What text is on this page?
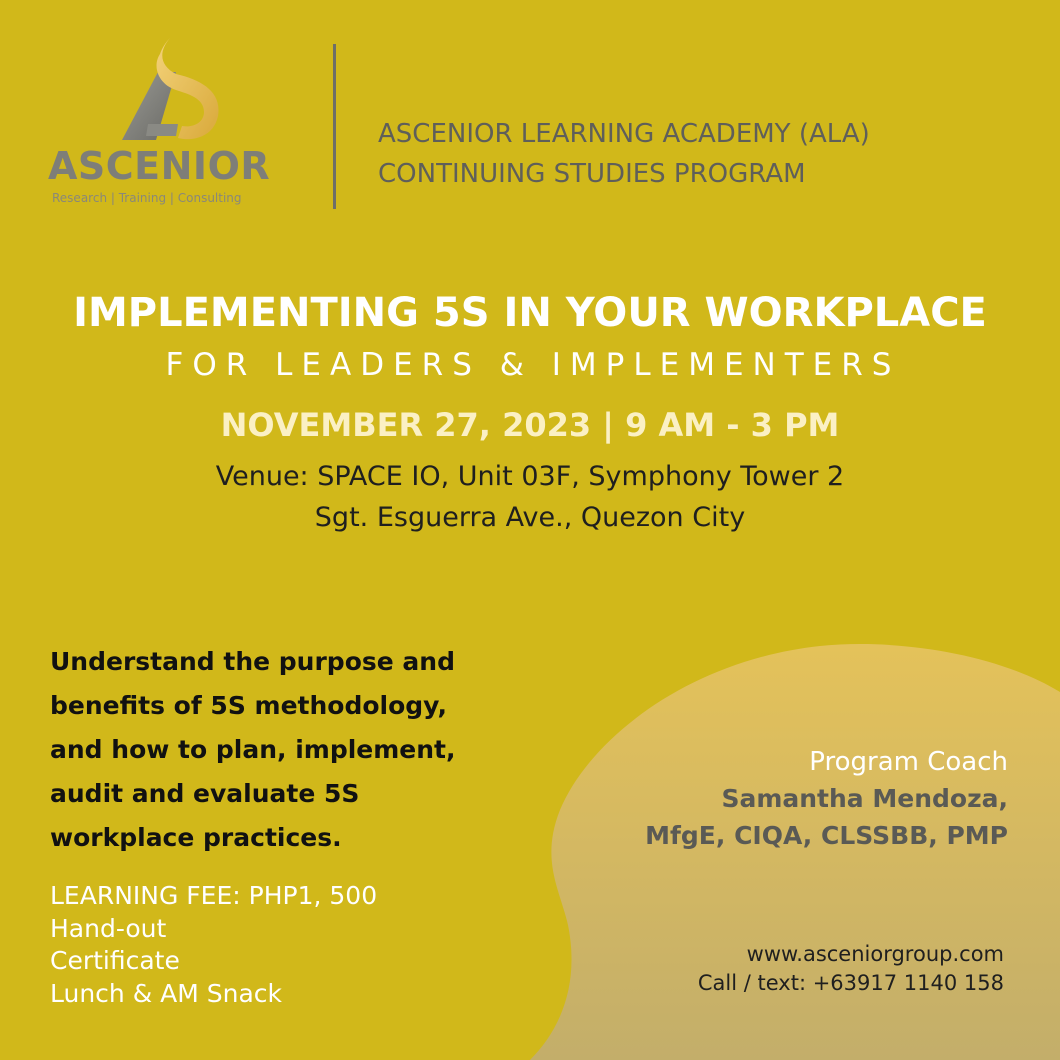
ASCENIOR
Research | Training | Consulting
ASCENIOR LEARNING ACADEMY (ALA)
CONTINUING STUDIES PROGRAM
IMPLEMENTING 5S IN YOUR WORKPLACE
FOR LEADERS & IMPLEMENTERS
NOVEMBER 27, 2023 | 9 AM - 3 PM
Venue: SPACE IO, Unit 03F, Symphony Tower 2
Sgt. Esguerra Ave., Quezon City
Understand the purpose and
benefits of 5S methodology,
and how to plan, implement,
audit and evaluate 5S
workplace practices.
LEARNING FEE: PHP1, 500
Hand-out
Certificate
Lunch & AM Snack
Program Coach
Samantha Mendoza,
MfgE, CIQA, CLSSBB, PMP
www.ascenior​group.com
Call / text: +63917 1140 158
